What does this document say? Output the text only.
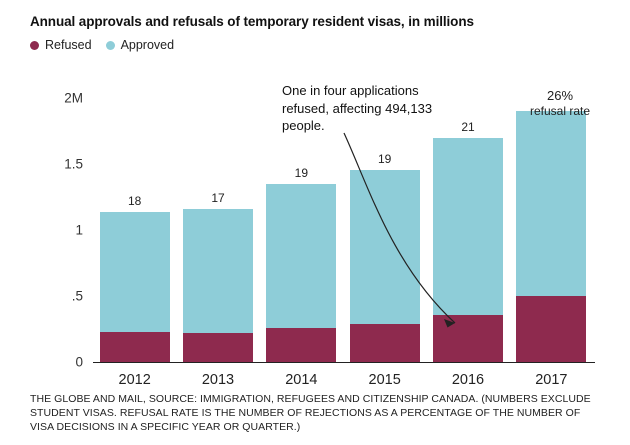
Annual approvals and refusals of temporary resident visas, in millions
Refused Approved
0
.5
1
1.5
2M
18
2012
17
2013
19
2014
19
2015
21
2016	2017
One in four applications refused, affecting 494,133 people.
26%
refusal rate
THE GLOBE AND MAIL, SOURCE: IMMIGRATION, REFUGEES AND CITIZENSHIP CANADA. (NUMBERS EXCLUDE STUDENT VISAS. REFUSAL RATE IS THE NUMBER OF REJECTIONS AS A PERCENTAGE OF THE NUMBER OF VISA DECISIONS IN A SPECIFIC YEAR OR QUARTER.)
